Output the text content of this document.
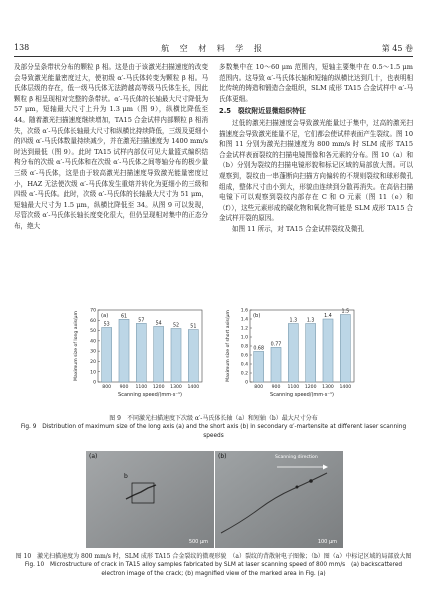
138	航 空 材 料 学 报	第 45 卷

及部分呈条带状分布的颗粒 β 相。这是由于该激光扫描速度的改变会导致激光能量密度过大，使初级 α′-马氏体转变为颗粒 β 相。马氏体层级的存在，低一级马氏体无法跨越高等级马氏体生长，因此颗粒 β 相呈现相对完整的条带状。α′-马氏体的长轴最大尺寸降低为 57 μm，短轴最大尺寸上升为 1.3 μm（图 9），纵横比降低至 44。随着激光扫描速度继续增加，TA15 合金试样内部颗粒 β 相消失，次级 α′-马氏体长轴最大尺寸和纵横比持续降低，三级及更细小的四级 α′-马氏体数量持续减少，并在激光扫描速度为 1400 mm/s 时达到最低（图 9）。此时 TA15 试样内部仅可见大量篮式编织结构分布的次级 α′-马氏体和在次级 α′-马氏体之间等轴分布的极少量三级 α′-马氏体，这是由于较高激光扫描速度导致激光能量密度过小，HAZ 无法使次级 α′-马氏体发生重熔并转化为更细小的三级和四级 α′-马氏体。此时，次级 α′-马氏体的长轴最大尺寸为 51 μm，短轴最大尺寸为 1.5 μm，纵横比降低至 34。从图 9 可以发现，尽管次级 α′-马氏体长轴长度变化很大，但仍呈现相对集中的正态分布，绝大

多数集中在 10～60 μm 范围内，短轴主要集中在 0.5～1.5 μm 范围内。这导致 α′-马氏体长轴和短轴的纵横比达到几十，也表明相比传统的铸造和锻造合金组织，SLM 成形 TA15 合金试样中 α′-马氏体更细。

2.5　裂纹附近显微组织特征

过低的激光扫描速度会导致激光能量过于集中，过高的激光扫描速度会导致激光能量不足，它们都会使试样表面产生裂纹。图 10 和图 11 分别为激光扫描速度为 800 mm/s 时 SLM 成形 TA15 合金试样表面裂纹的扫描电镜图像和各元素的分布。图 10（a）和（b）分别为裂纹的扫描电镜形貌和标记区域的局部放大图。可以观察到，裂纹由一串蓬断向扫描方向偏转的不规则裂纹和球形微孔组成，整体尺寸由小到大，形貌由连续到分散再消失。在高倍扫描电镜下可以观察到裂纹内部存在 C 和 O 元素（图 11（e）和（f）），这些元素形成的碳化物和氧化物可能是 SLM 成形 TA15 合金试样开裂的原因。

如图 11 所示，对 TA15 合金试样裂纹及微孔

0
10
20
30
40
50
60
70
53
800
61
900
57
1100
54
1200
52
1300
51
1400
(a)
Scanning speed/(mm·s⁻¹)
Maximum size of long axis/μm
0
0.2
0.4
0.6
0.8
1.0
1.2
1.4
1.6
0.68
800
0.77
900
1.3
1100
1.3
1200
1.4
1300
1.5
1400
(b)
Scanning speed/(mm·s⁻¹)
Maximum size of short axis/μm
图 9　不同激光扫描速度下次级 α′-马氏体长轴（a）和短轴（b）最大尺寸分布
Fig. 9　Distribution of maximum size of the long axis (a) and the short axis (b) in secondary α′-martensite at different laser scanning speeds
(a)
b
500 μm
(b)	Scanning direction
100 μm
图 10　激光扫描速度为 800 mm/s 时，SLM 成形 TA15 合金裂纹的微观形貌　（a）裂纹的背散射电子图像；（b）图（a）中标记区域的局部放大图
Fig. 10　Microstructure of crack in TA15 alloy samples fabricated by SLM at laser scanning speed of 800 mm/s　(a) backscattered electron image of the crack; (b) magnified view of the marked area in Fig. (a)
